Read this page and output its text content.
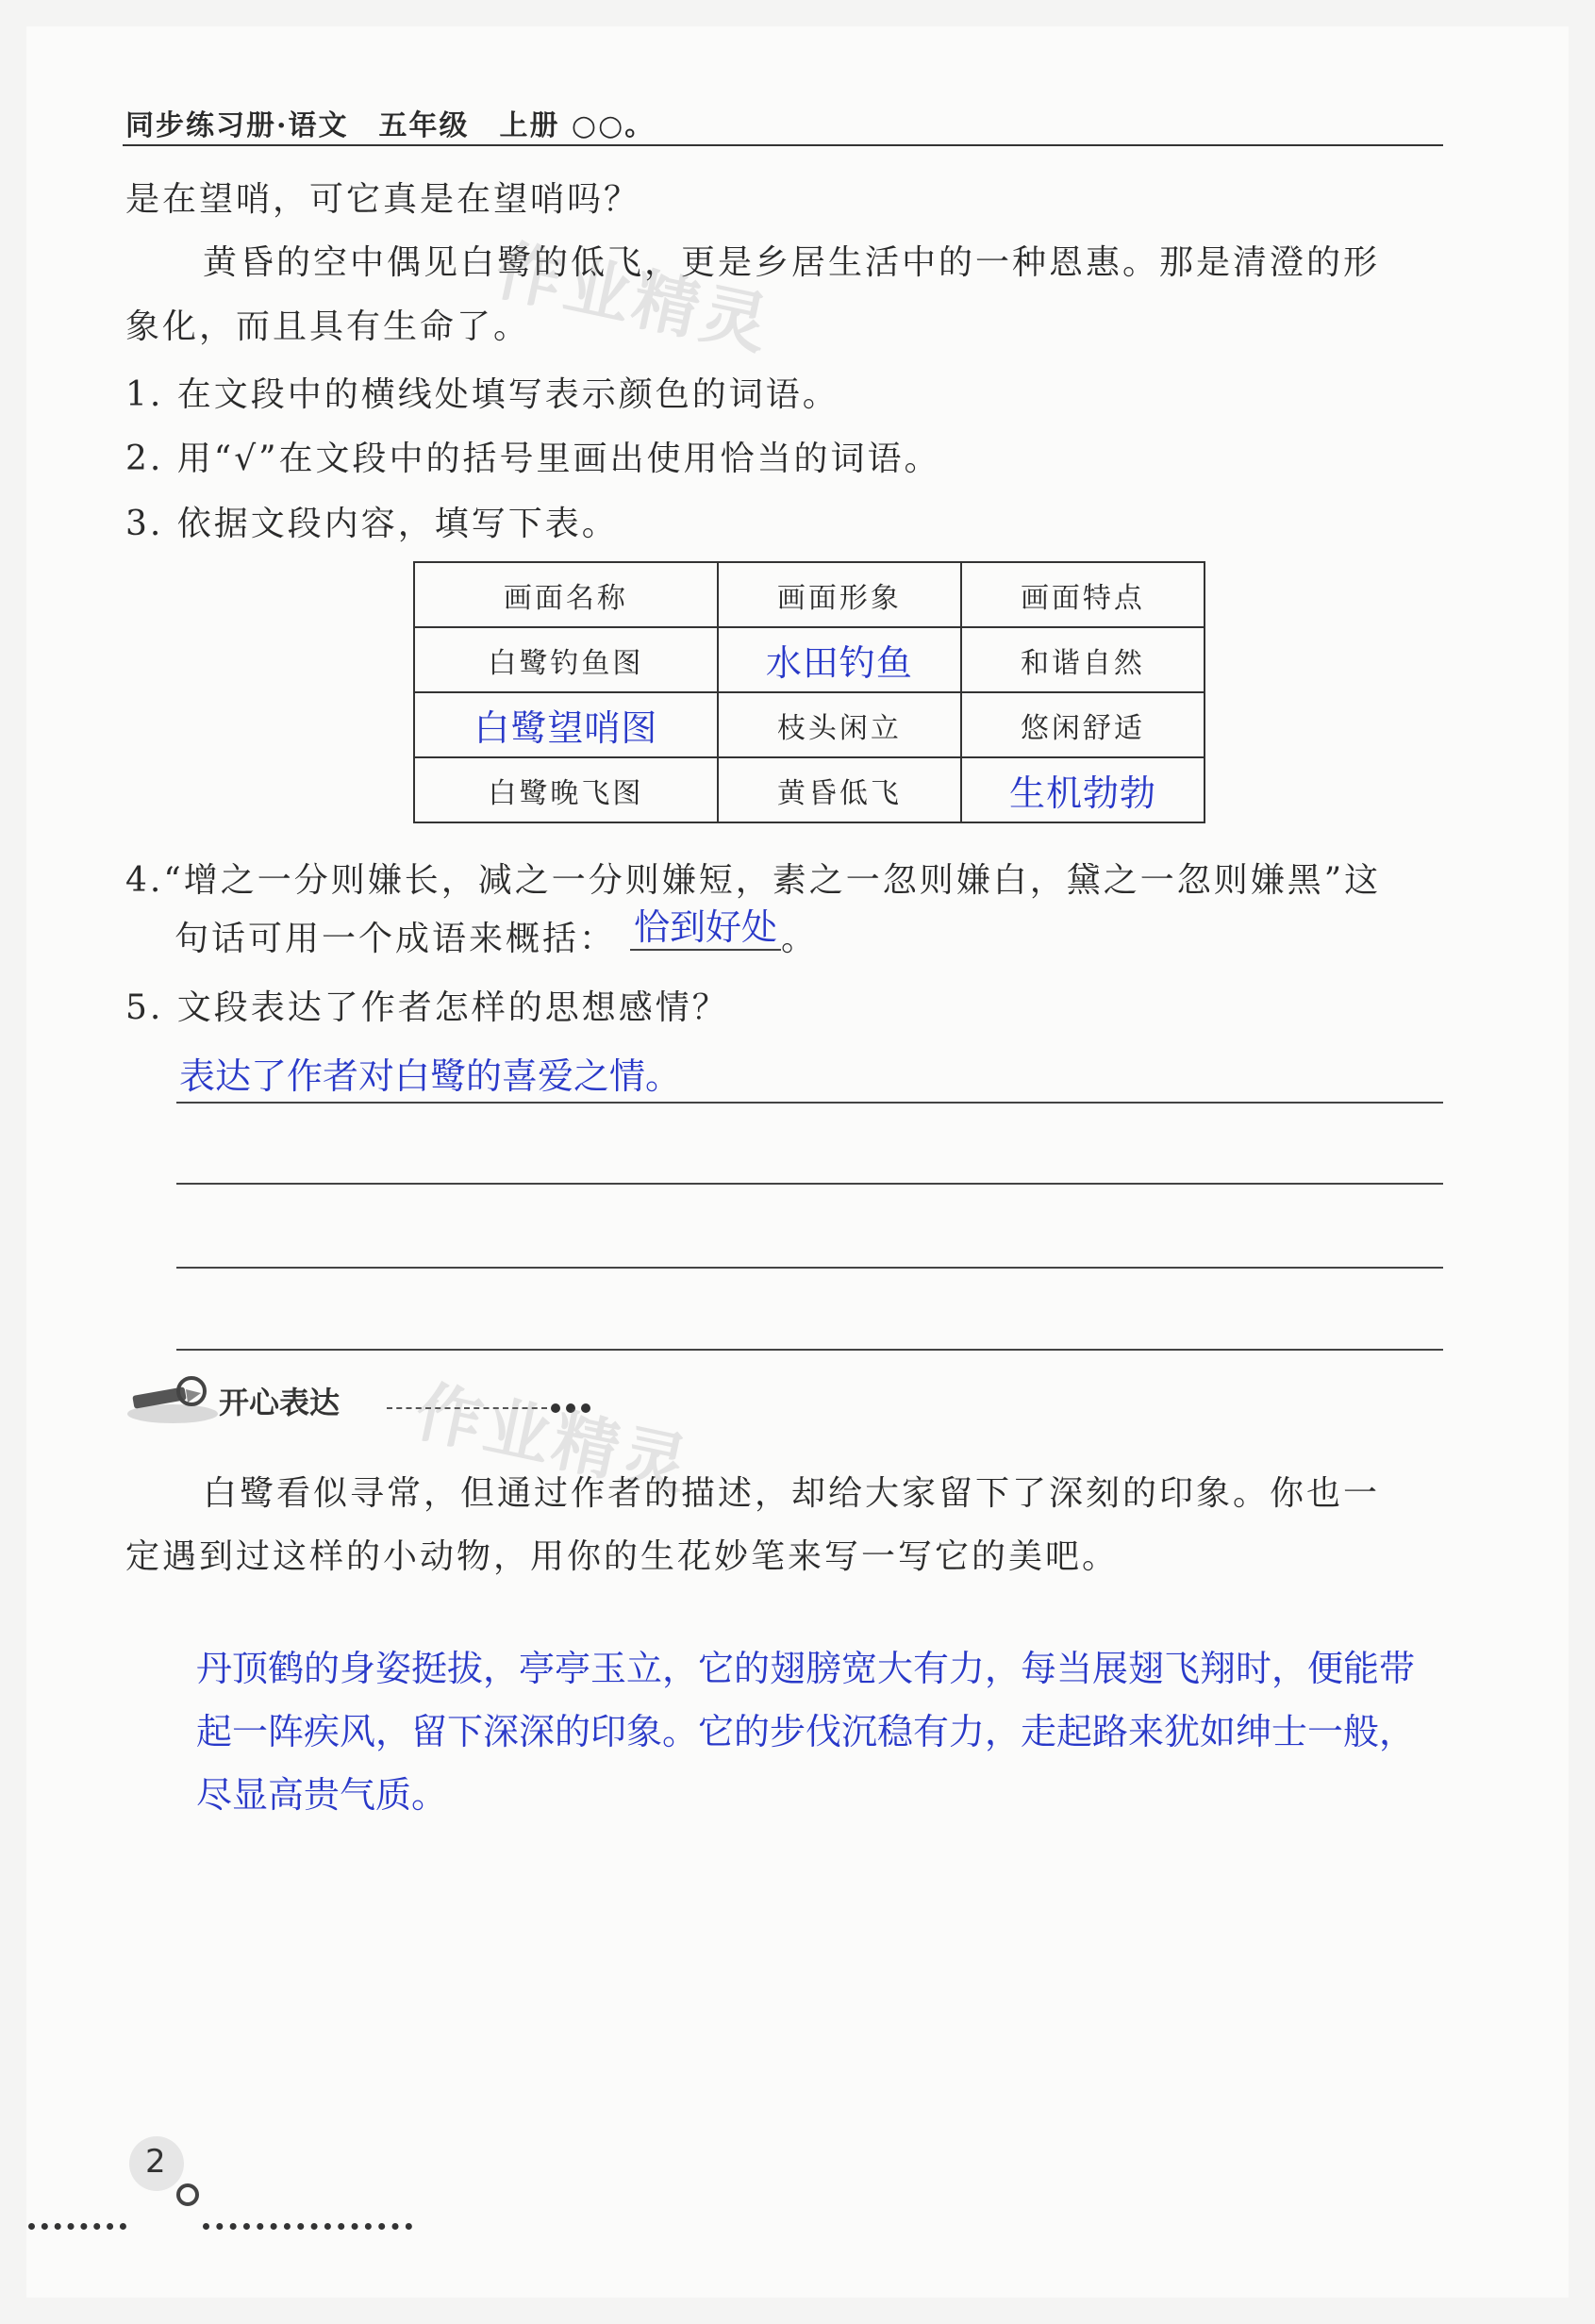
同步练习册·语文　五年级　上册 ○○。
是在望哨，可它真是在望哨吗？
黄昏的空中偶见白鹭的低飞，更是乡居生活中的一种恩惠。那是清澄的形
象化，而且具有生命了。
作业精灵
1. 在文段中的横线处填写表示颜色的词语。
2. 用“√”在文段中的括号里画出使用恰当的词语。
3. 依据文段内容，填写下表。
画面名称	画面形象	画面特点
白鹭钓鱼图	水田钓鱼	和谐自然
白鹭望哨图	枝头闲立	悠闲舒适
白鹭晚飞图	黄昏低飞	生机勃勃
4.“增之一分则嫌长，减之一分则嫌短，素之一忽则嫌白，黛之一忽则嫌黑”这
句话可用一个成语来概括： 恰到好处 。
5. 文段表达了作者怎样的思想感情？
表达了作者对白鹭的喜爱之情。
开心表达 作业精灵
白鹭看似寻常，但通过作者的描述，却给大家留下了深刻的印象。你也一
定遇到过这样的小动物，用你的生花妙笔来写一写它的美吧。
丹顶鹤的身姿挺拔，亭亭玉立，它的翅膀宽大有力，每当展翅飞翔时，便能带
起一阵疾风，留下深深的印象。它的步伐沉稳有力，走起路来犹如绅士一般，
尽显高贵气质。
2
